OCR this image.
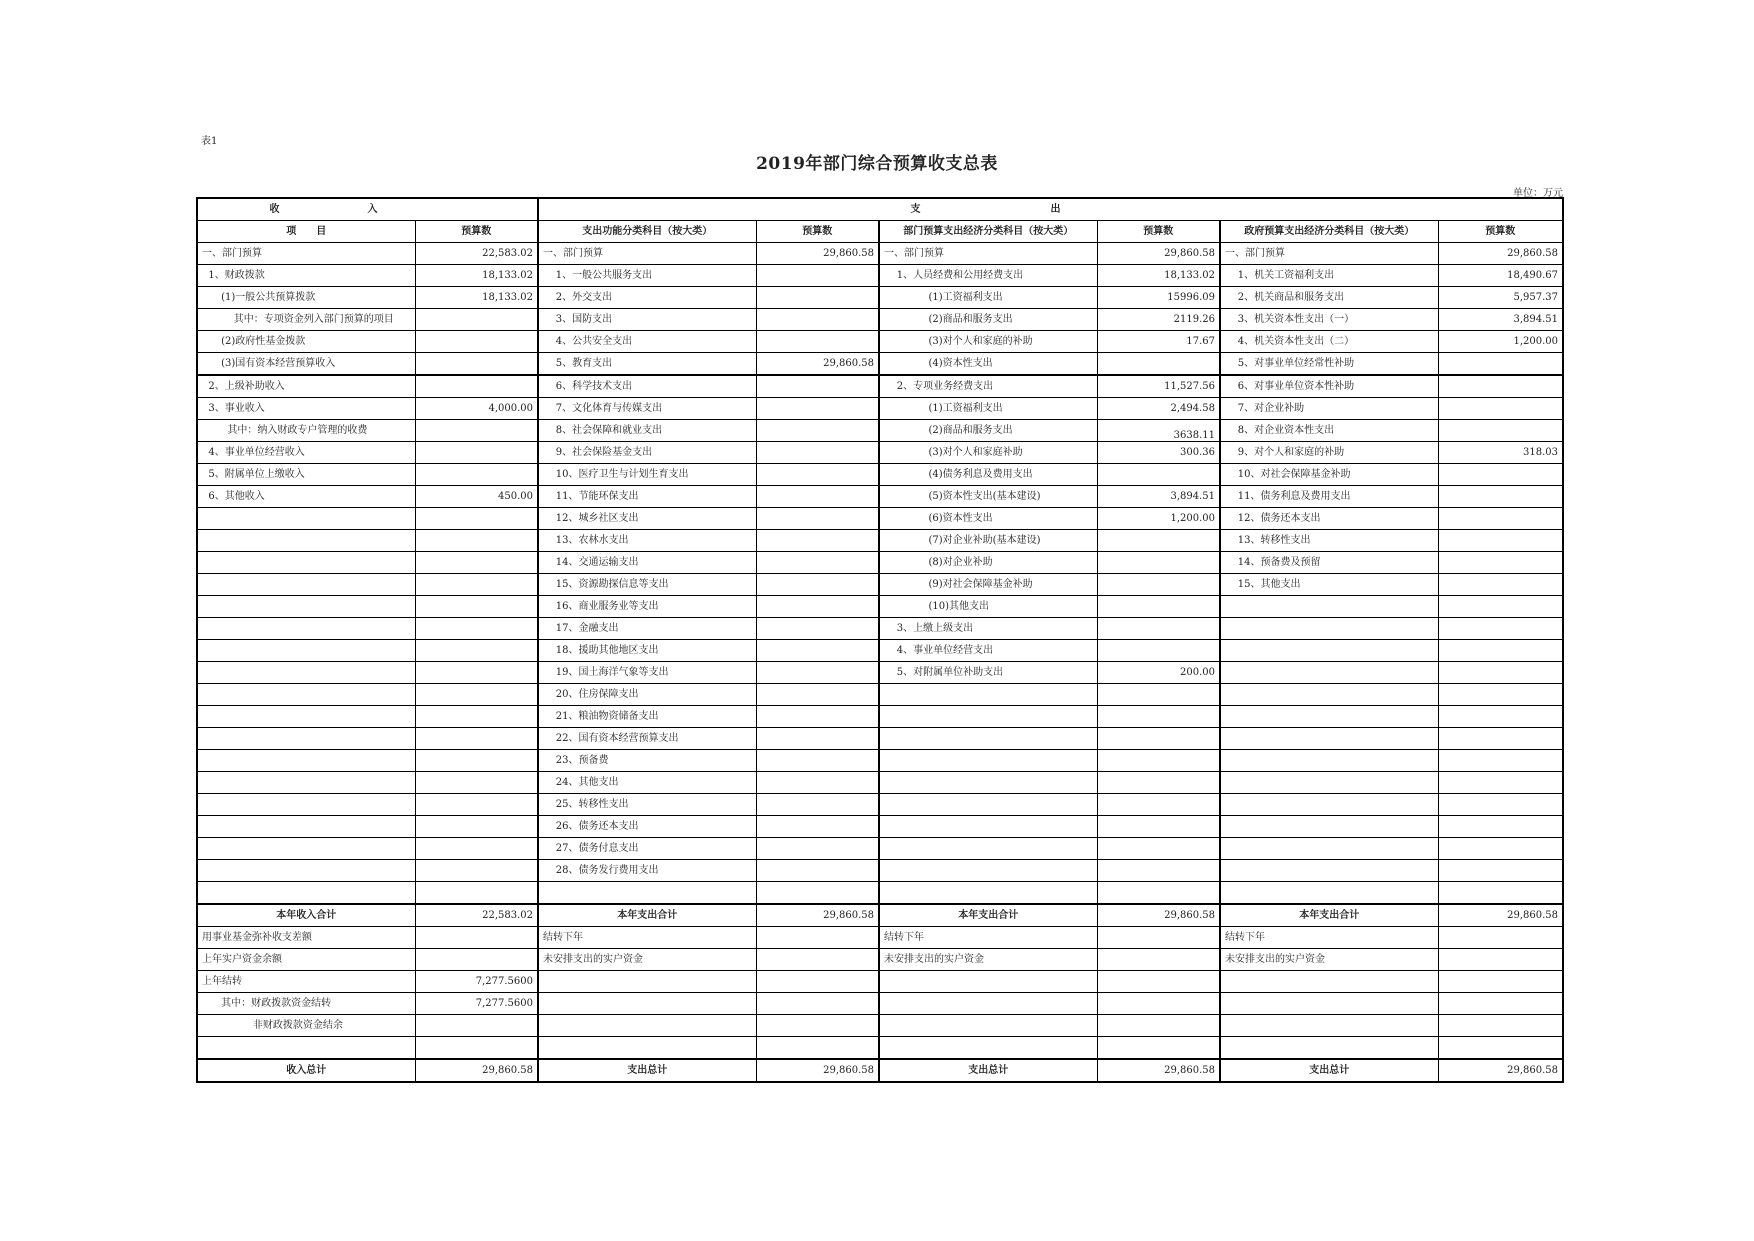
表1
2019年部门综合预算收支总表
单位：万元
收入		支出					
项　　目	预算数	支出功能分类科目（按大类）	预算数	部门预算支出经济分类科目（按大类）	预算数	政府预算支出经济分类科目（按大类）	预算数
一、部门预算	22,583.02	一、部门预算	29,860.58	一、部门预算	29,860.58	一、部门预算	29,860.58
1、财政拨款	18,133.02	1、一般公共服务支出		1、人员经费和公用经费支出	18,133.02	1、机关工资福利支出	18,490.67
(1)一般公共预算拨款	18,133.02	2、外交支出		(1)工资福利支出	15996.09	2、机关商品和服务支出	5,957.37
其中：专项资金列入部门预算的项目		3、国防支出		(2)商品和服务支出	2119.26	3、机关资本性支出（一）	3,894.51
(2)政府性基金拨款		4、公共安全支出		(3)对个人和家庭的补助	17.67	4、机关资本性支出（二）	1,200.00
(3)国有资本经营预算收入		5、教育支出	29,860.58	(4)资本性支出		5、对事业单位经常性补助	
2、上级补助收入		6、科学技术支出		2、专项业务经费支出	11,527.56	6、对事业单位资本性补助	
3、事业收入	4,000.00	7、文化体育与传媒支出		(1)工资福利支出	2,494.58	7、对企业补助	
其中：纳入财政专户管理的收费		8、社会保障和就业支出		(2)商品和服务支出	3638.11	8、对企业资本性支出	
4、事业单位经营收入		9、社会保险基金支出		(3)对个人和家庭补助	300.36	9、对个人和家庭的补助	318.03
5、附属单位上缴收入		10、医疗卫生与计划生育支出		(4)债务利息及费用支出		10、对社会保障基金补助	
6、其他收入	450.00	11、节能环保支出		(5)资本性支出(基本建设)	3,894.51	11、债务利息及费用支出	
		12、城乡社区支出		(6)资本性支出	1,200.00	12、债务还本支出	
		13、农林水支出		(7)对企业补助(基本建设)		13、转移性支出	
		14、交通运输支出		(8)对企业补助		14、预备费及预留	
		15、资源勘探信息等支出		(9)对社会保障基金补助		15、其他支出	
		16、商业服务业等支出		(10)其他支出			
		17、金融支出		3、上缴上级支出			
		18、援助其他地区支出		4、事业单位经营支出			
		19、国土海洋气象等支出		5、对附属单位补助支出	200.00		
		20、住房保障支出					
		21、粮油物资储备支出					
		22、国有资本经营预算支出					
		23、预备费					
		24、其他支出					
		25、转移性支出					
		26、债务还本支出					
		27、债务付息支出					
		28、债务发行费用支出					

本年收入合计	22,583.02	本年支出合计	29,860.58	本年支出合计	29,860.58	本年支出合计	29,860.58
用事业基金弥补收支差额		结转下年		结转下年		结转下年	
上年实户资金余额		未安排支出的实户资金		未安排支出的实户资金		未安排支出的实户资金	
上年结转	7,277.5600						
其中：财政拨款资金结转	7,277.5600						
非财政拨款资金结余							

收入总计	29,860.58	支出总计	29,860.58	支出总计	29,860.58	支出总计	29,860.58
